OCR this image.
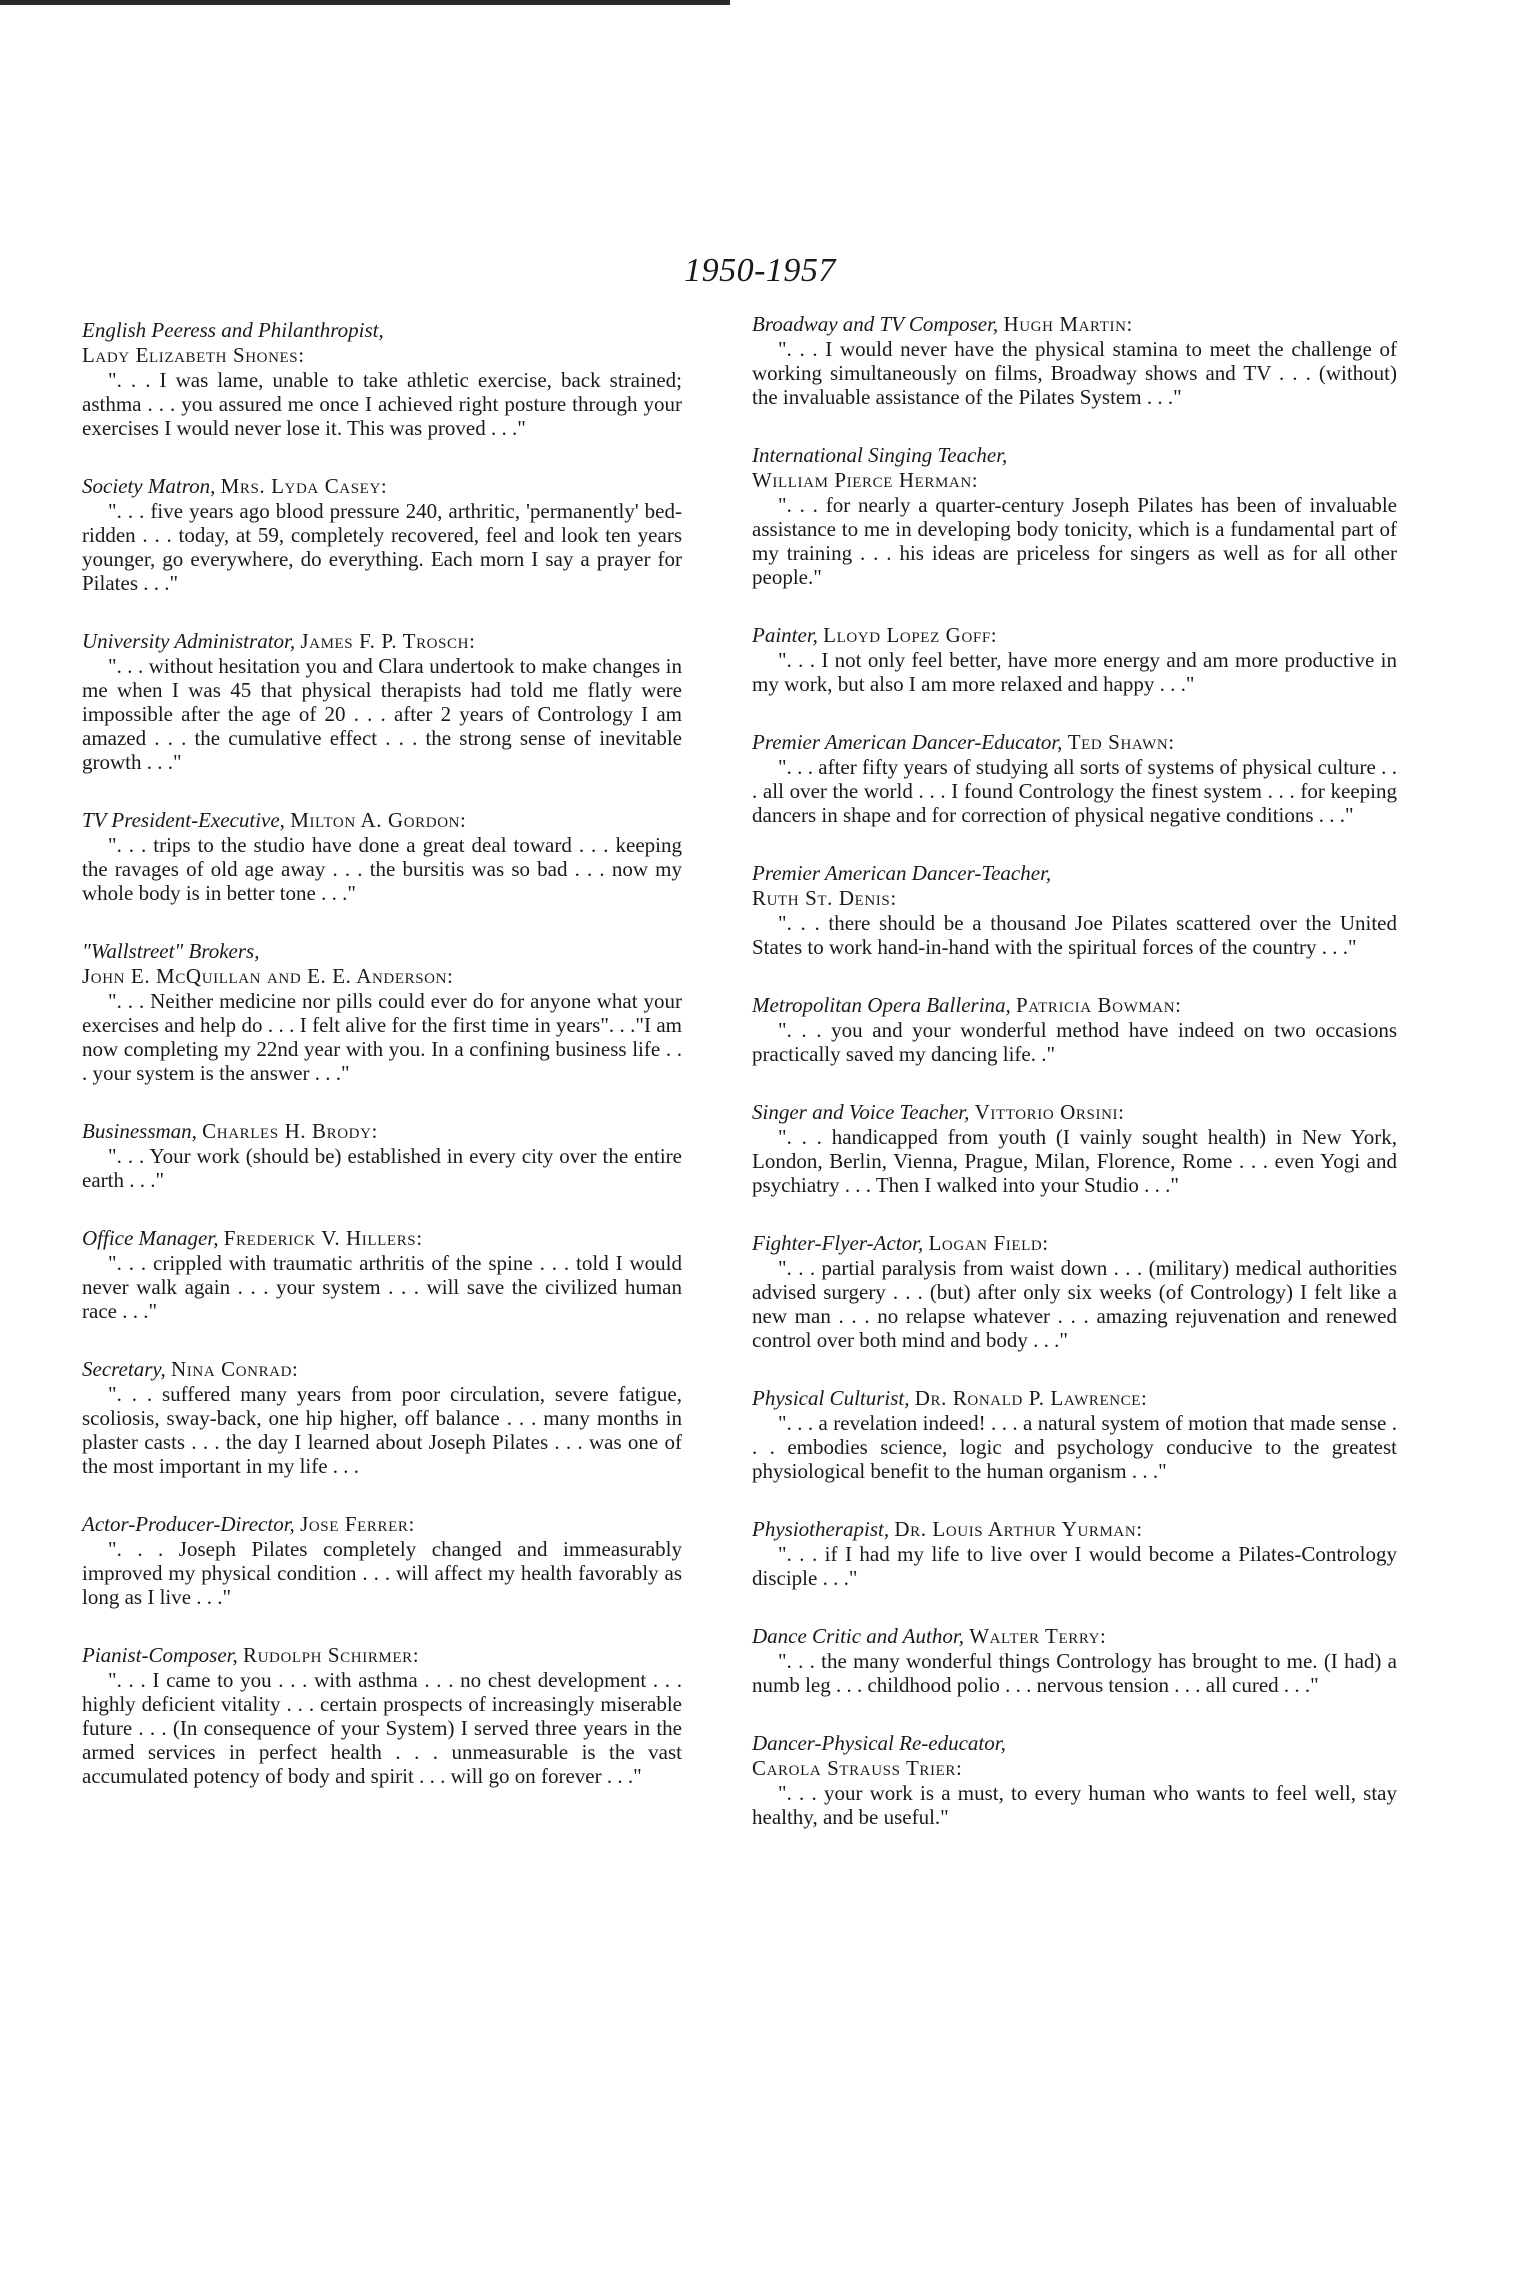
1950-1957
English Peeress and Philanthropist,
Lady Elizabeth Shones:
". . . I was lame, unable to take athletic exercise, back strained; asthma . . . you assured me once I achieved right posture through your exercises I would never lose it. This was proved . . ."
Society Matron, Mrs. Lyda Casey:
". . . five years ago blood pressure 240, arthritic, 'permanently' bed-ridden . . . today, at 59, completely recovered, feel and look ten years younger, go everywhere, do everything. Each morn I say a prayer for Pilates . . ."
University Administrator, James F. P. Trosch:
". . . without hesitation you and Clara undertook to make changes in me when I was 45 that physical therapists had told me flatly were impossible after the age of 20 . . . after 2 years of Contrology I am amazed . . . the cumulative effect . . . the strong sense of inevitable growth . . ."
TV President-Executive, Milton A. Gordon:
". . . trips to the studio have done a great deal toward . . . keeping the ravages of old age away . . . the bursitis was so bad . . . now my whole body is in better tone . . ."
"Wallstreet" Brokers,
John E. McQuillan and E. E. Anderson:
". . . Neither medicine nor pills could ever do for anyone what your exercises and help do . . . I felt alive for the first time in years". . ."I am now completing my 22nd year with you. In a confining business life . . . your system is the answer . . ."
Businessman, Charles H. Brody:
". . . Your work (should be) established in every city over the entire earth . . ."
Office Manager, Frederick V. Hillers:
". . . crippled with traumatic arthritis of the spine . . . told I would never walk again . . . your system . . . will save the civilized human race . . ."
Secretary, Nina Conrad:
". . . suffered many years from poor circulation, severe fatigue, scoliosis, sway-back, one hip higher, off balance . . . many months in plaster casts . . . the day I learned about Joseph Pilates . . . was one of the most important in my life . . .
Actor-Producer-Director, Jose Ferrer:
". . . Joseph Pilates completely changed and immeasurably improved my physical condition . . . will affect my health favorably as long as I live . . ."
Pianist-Composer, Rudolph Schirmer:
". . . I came to you . . . with asthma . . . no chest development . . . highly deficient vitality . . . certain prospects of increasingly miserable future . . . (In consequence of your System) I served three years in the armed services in perfect health . . . unmeasurable is the vast accumulated potency of body and spirit . . . will go on forever . . ."
Broadway and TV Composer, Hugh Martin:
". . . I would never have the physical stamina to meet the challenge of working simultaneously on films, Broadway shows and TV . . . (without) the invaluable assistance of the Pilates System . . ."
International Singing Teacher,
William Pierce Herman:
". . . for nearly a quarter-century Joseph Pilates has been of invaluable assistance to me in developing body tonicity, which is a fundamental part of my training . . . his ideas are priceless for singers as well as for all other people."
Painter, Lloyd Lopez Goff:
". . . I not only feel better, have more energy and am more productive in my work, but also I am more relaxed and happy . . ."
Premier American Dancer-Educator, Ted Shawn:
". . . after fifty years of studying all sorts of systems of physical culture . . . all over the world . . . I found Contrology the finest system . . . for keeping dancers in shape and for correction of physical negative conditions . . ."
Premier American Dancer-Teacher,
Ruth St. Denis:
". . . there should be a thousand Joe Pilates scattered over the United States to work hand-in-hand with the spiritual forces of the country . . ."
Metropolitan Opera Ballerina, Patricia Bowman:
". . . you and your wonderful method have indeed on two occasions practically saved my dancing life. ."
Singer and Voice Teacher, Vittorio Orsini:
". . . handicapped from youth (I vainly sought health) in New York, London, Berlin, Vienna, Prague, Milan, Florence, Rome . . . even Yogi and psychiatry . . . Then I walked into your Studio . . ."
Fighter-Flyer-Actor, Logan Field:
". . . partial paralysis from waist down . . . (military) medical authorities advised surgery . . . (but) after only six weeks (of Contrology) I felt like a new man . . . no relapse whatever . . . amazing rejuvenation and renewed control over both mind and body . . ."
Physical Culturist, Dr. Ronald P. Lawrence:
". . . a revelation indeed! . . . a natural system of motion that made sense . . . embodies science, logic and psychology conducive to the greatest physiological benefit to the human organism . . ."
Physiotherapist, Dr. Louis Arthur Yurman:
". . . if I had my life to live over I would become a Pilates-Contrology disciple . . ."
Dance Critic and Author, Walter Terry:
". . . the many wonderful things Contrology has brought to me. (I had) a numb leg . . . childhood polio . . . nervous tension . . . all cured . . ."
Dancer-Physical Re-educator,
Carola Strauss Trier:
". . . your work is a must, to every human who wants to feel well, stay healthy, and be useful."
